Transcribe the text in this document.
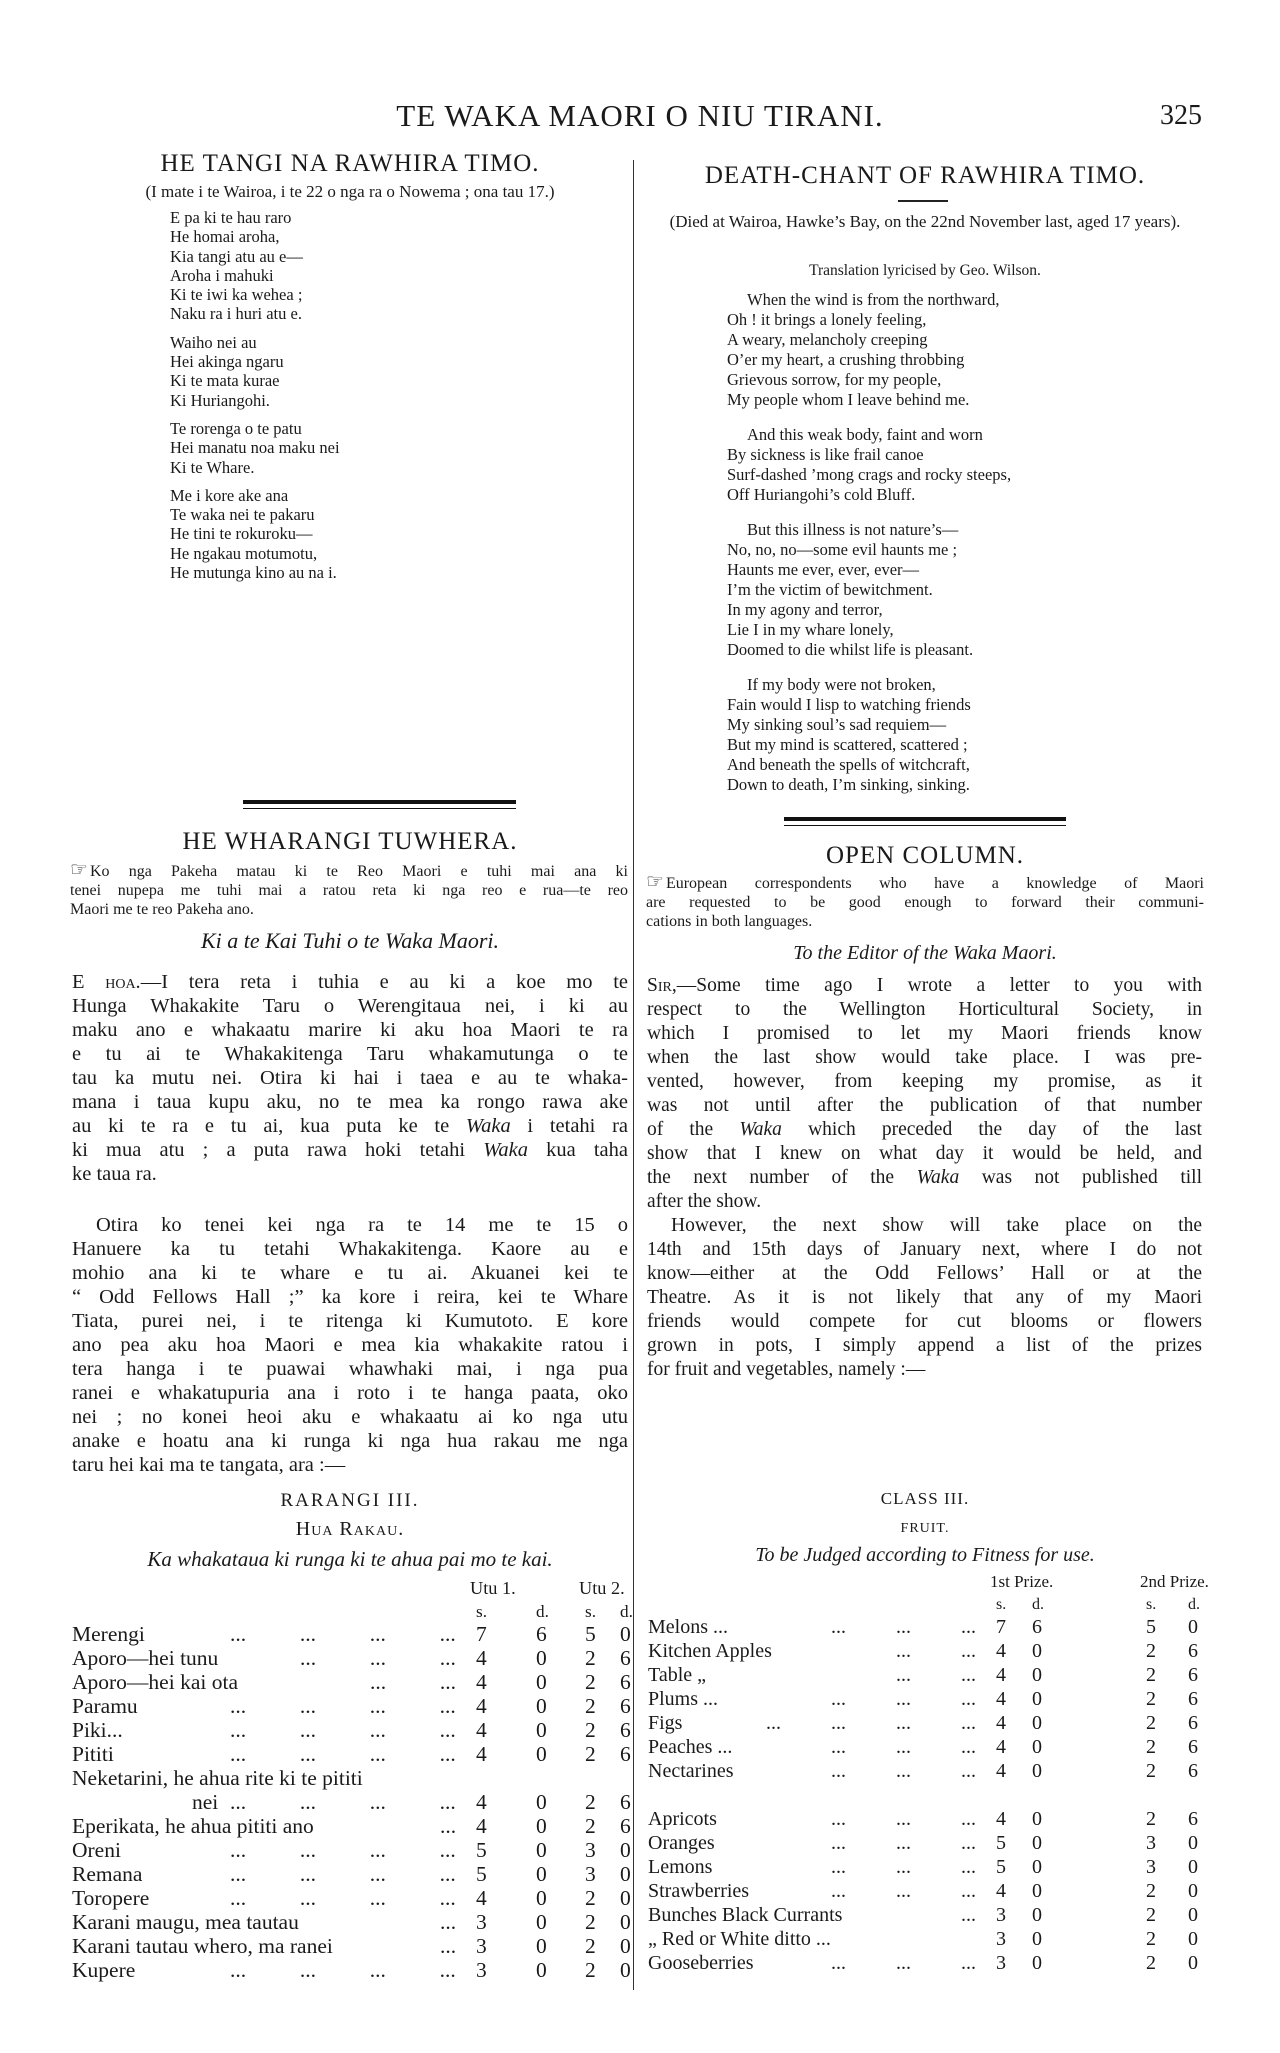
TE WAKA MAORI O NIU TIRANI.	325
HE TANGI NA RAWHIRA TIMO.
(I mate i te Wairoa, i te 22 o nga ra o Nowema ; ona tau 17.)
E pa ki te hau raro
He homai aroha,
Kia tangi atu au e—
Aroha i mahuki
Ki te iwi ka wehea ;
Naku ra i huri atu e.
Waiho nei au
Hei akinga ngaru
Ki te mata kurae
Ki Huriangohi.
Te rorenga o te patu
Hei manatu noa maku nei
Ki te Whare.
Me i kore ake ana
Te waka nei te pakaru
He tini te rokuroku—
He ngakau motumotu,
He mutunga kino au na i.
HE WHARANGI TUWHERA.
☞ Ko nga Pakeha matau ki te Reo Maori e tuhi mai ana ki
tenei nupepa me tuhi mai a ratou reta ki nga reo e rua—te reo
Maori me te reo Pakeha ano.
Ki a te Kai Tuhi o te Waka Maori.
E hoa.—I tera reta i tuhia e au ki a koe mo te
Hunga Whakakite Taru o Werengitaua nei, i ki au
maku ano e whakaatu marire ki aku hoa Maori te ra
e tu ai te Whakakitenga Taru whakamutunga o te
tau ka mutu nei. Otira ki hai i taea e au te whaka-
mana i taua kupu aku, no te mea ka rongo rawa ake
au ki te ra e tu ai, kua puta ke te Waka i tetahi ra
ki mua atu ; a puta rawa hoki tetahi Waka kua taha
ke taua ra.
Otira ko tenei kei nga ra te 14 me te 15 o
Hanuere ka tu tetahi Whakakitenga. Kaore au e
mohio ana ki te whare e tu ai. Akuanei kei te
“ Odd Fellows Hall ;” ka kore i reira, kei te Whare
Tiata, purei nei, i te ritenga ki Kumutoto. E kore
ano pea aku hoa Maori e mea kia whakakite ratou i
tera hanga i te puawai whawhaki mai, i nga pua
ranei e whakatupuria ana i roto i te hanga paata, oko
nei ; no konei heoi aku e whakaatu ai ko nga utu
anake e hoatu ana ki runga ki nga hua rakau me nga
taru hei kai ma te tangata, ara :—
RARANGI III.
Hua Rakau.
Ka whakataua ki runga ki te ahua pai mo te kai.
Utu 1.	Utu 2.
s.	d. s. d.
Merengi	...          ...          ...          ... 7 6 5 0
Aporo—hei tunu	...          ...          ... 4 0 2 6
Aporo—hei kai ota	...          ... 4 0 2 6
Paramu	...          ...          ...          ... 4 0 2 6
Piki...	...          ...          ...          ... 4 0 2 6
Pititi	...          ...          ...          ... 4 0 2 6
Neketarini, he ahua rite ki te pititi
nei ...          ...          ...          ... 4 0 2 6
Eperikata, he ahua pititi ano	... 4 0 2 6
Oreni	...          ...          ...          ... 5 0 3 0
Remana	...          ...          ...          ... 5 0 3 0
Toropere	...          ...          ...          ... 4 0 2 0
Karani maugu, mea tautau	... 3 0 2 0
Karani tautau whero, ma ranei	... 3 0 2 0
Kupere	...          ...          ...          ... 3 0 2 0
DEATH-CHANT OF RAWHIRA TIMO.
(Died at Wairoa, Hawke’s Bay, on the 22nd November last, aged 17 years).
Translation lyricised by Geo. Wilson.
When the wind is from the northward,
Oh ! it brings a lonely feeling,
A weary, melancholy creeping
O’er my heart, a crushing throbbing
Grievous sorrow, for my people,
My people whom I leave behind me.
And this weak body, faint and worn
By sickness is like frail canoe
Surf-dashed ’mong crags and rocky steeps,
Off Huriangohi’s cold Bluff.
But this illness is not nature’s—
No, no, no—some evil haunts me ;
Haunts me ever, ever, ever—
I’m the victim of bewitchment.
In my agony and terror,
Lie I in my whare lonely,
Doomed to die whilst life is pleasant.
If my body were not broken,
Fain would I lisp to watching friends
My sinking soul’s sad requiem—
But my mind is scattered, scattered ;
And beneath the spells of witchcraft,
Down to death, I’m sinking, sinking.
OPEN COLUMN.
☞ European correspondents who have a knowledge of Maori
are requested to be good enough to forward their communi-
cations in both languages.
To the Editor of the Waka Maori.
Sir,—Some time ago I wrote a letter to you with
respect to the Wellington Horticultural Society, in
which I promised to let my Maori friends know
when the last show would take place. I was pre-
vented, however, from keeping my promise, as it
was not until after the publication of that number
of the Waka which preceded the day of the last
show that I knew on what day it would be held, and
the next number of the Waka was not published till
after the show.
However, the next show will take place on the
14th and 15th days of January next, where I do not
know—either at the Odd Fellows’ Hall or at the
Theatre. As it is not likely that any of my Maori
friends would compete for cut blooms or flowers
grown in pots, I simply append a list of the prizes
for fruit and vegetables, namely :—
CLASS III.
FRUIT.
To be Judged according to Fitness for use.
1st Prize.	2nd Prize.
s. d.	s. d.
Melons ...	...          ...          ... 7 6	5 0
Kitchen Apples	...          ... 4 0	2 6
Table „	...          ... 4 0	2 6
Plums ...	...          ...          ... 4 0	2 6
Figs	...          ...          ...          ... 4 0	2 6
Peaches ...	...          ...          ... 4 0	2 6
Nectarines	...          ...          ... 4 0	2 6
Apricots	...          ...          ... 4 0	2 6
Oranges	...          ...          ... 5 0	3 0
Lemons	...          ...          ... 5 0	3 0
Strawberries	...          ...          ... 4 0	2 0
Bunches Black Currants	... 3 0	2 0
„ Red or White ditto ...	3 0	2 0
Gooseberries	...          ...          ... 3 0	2 0
